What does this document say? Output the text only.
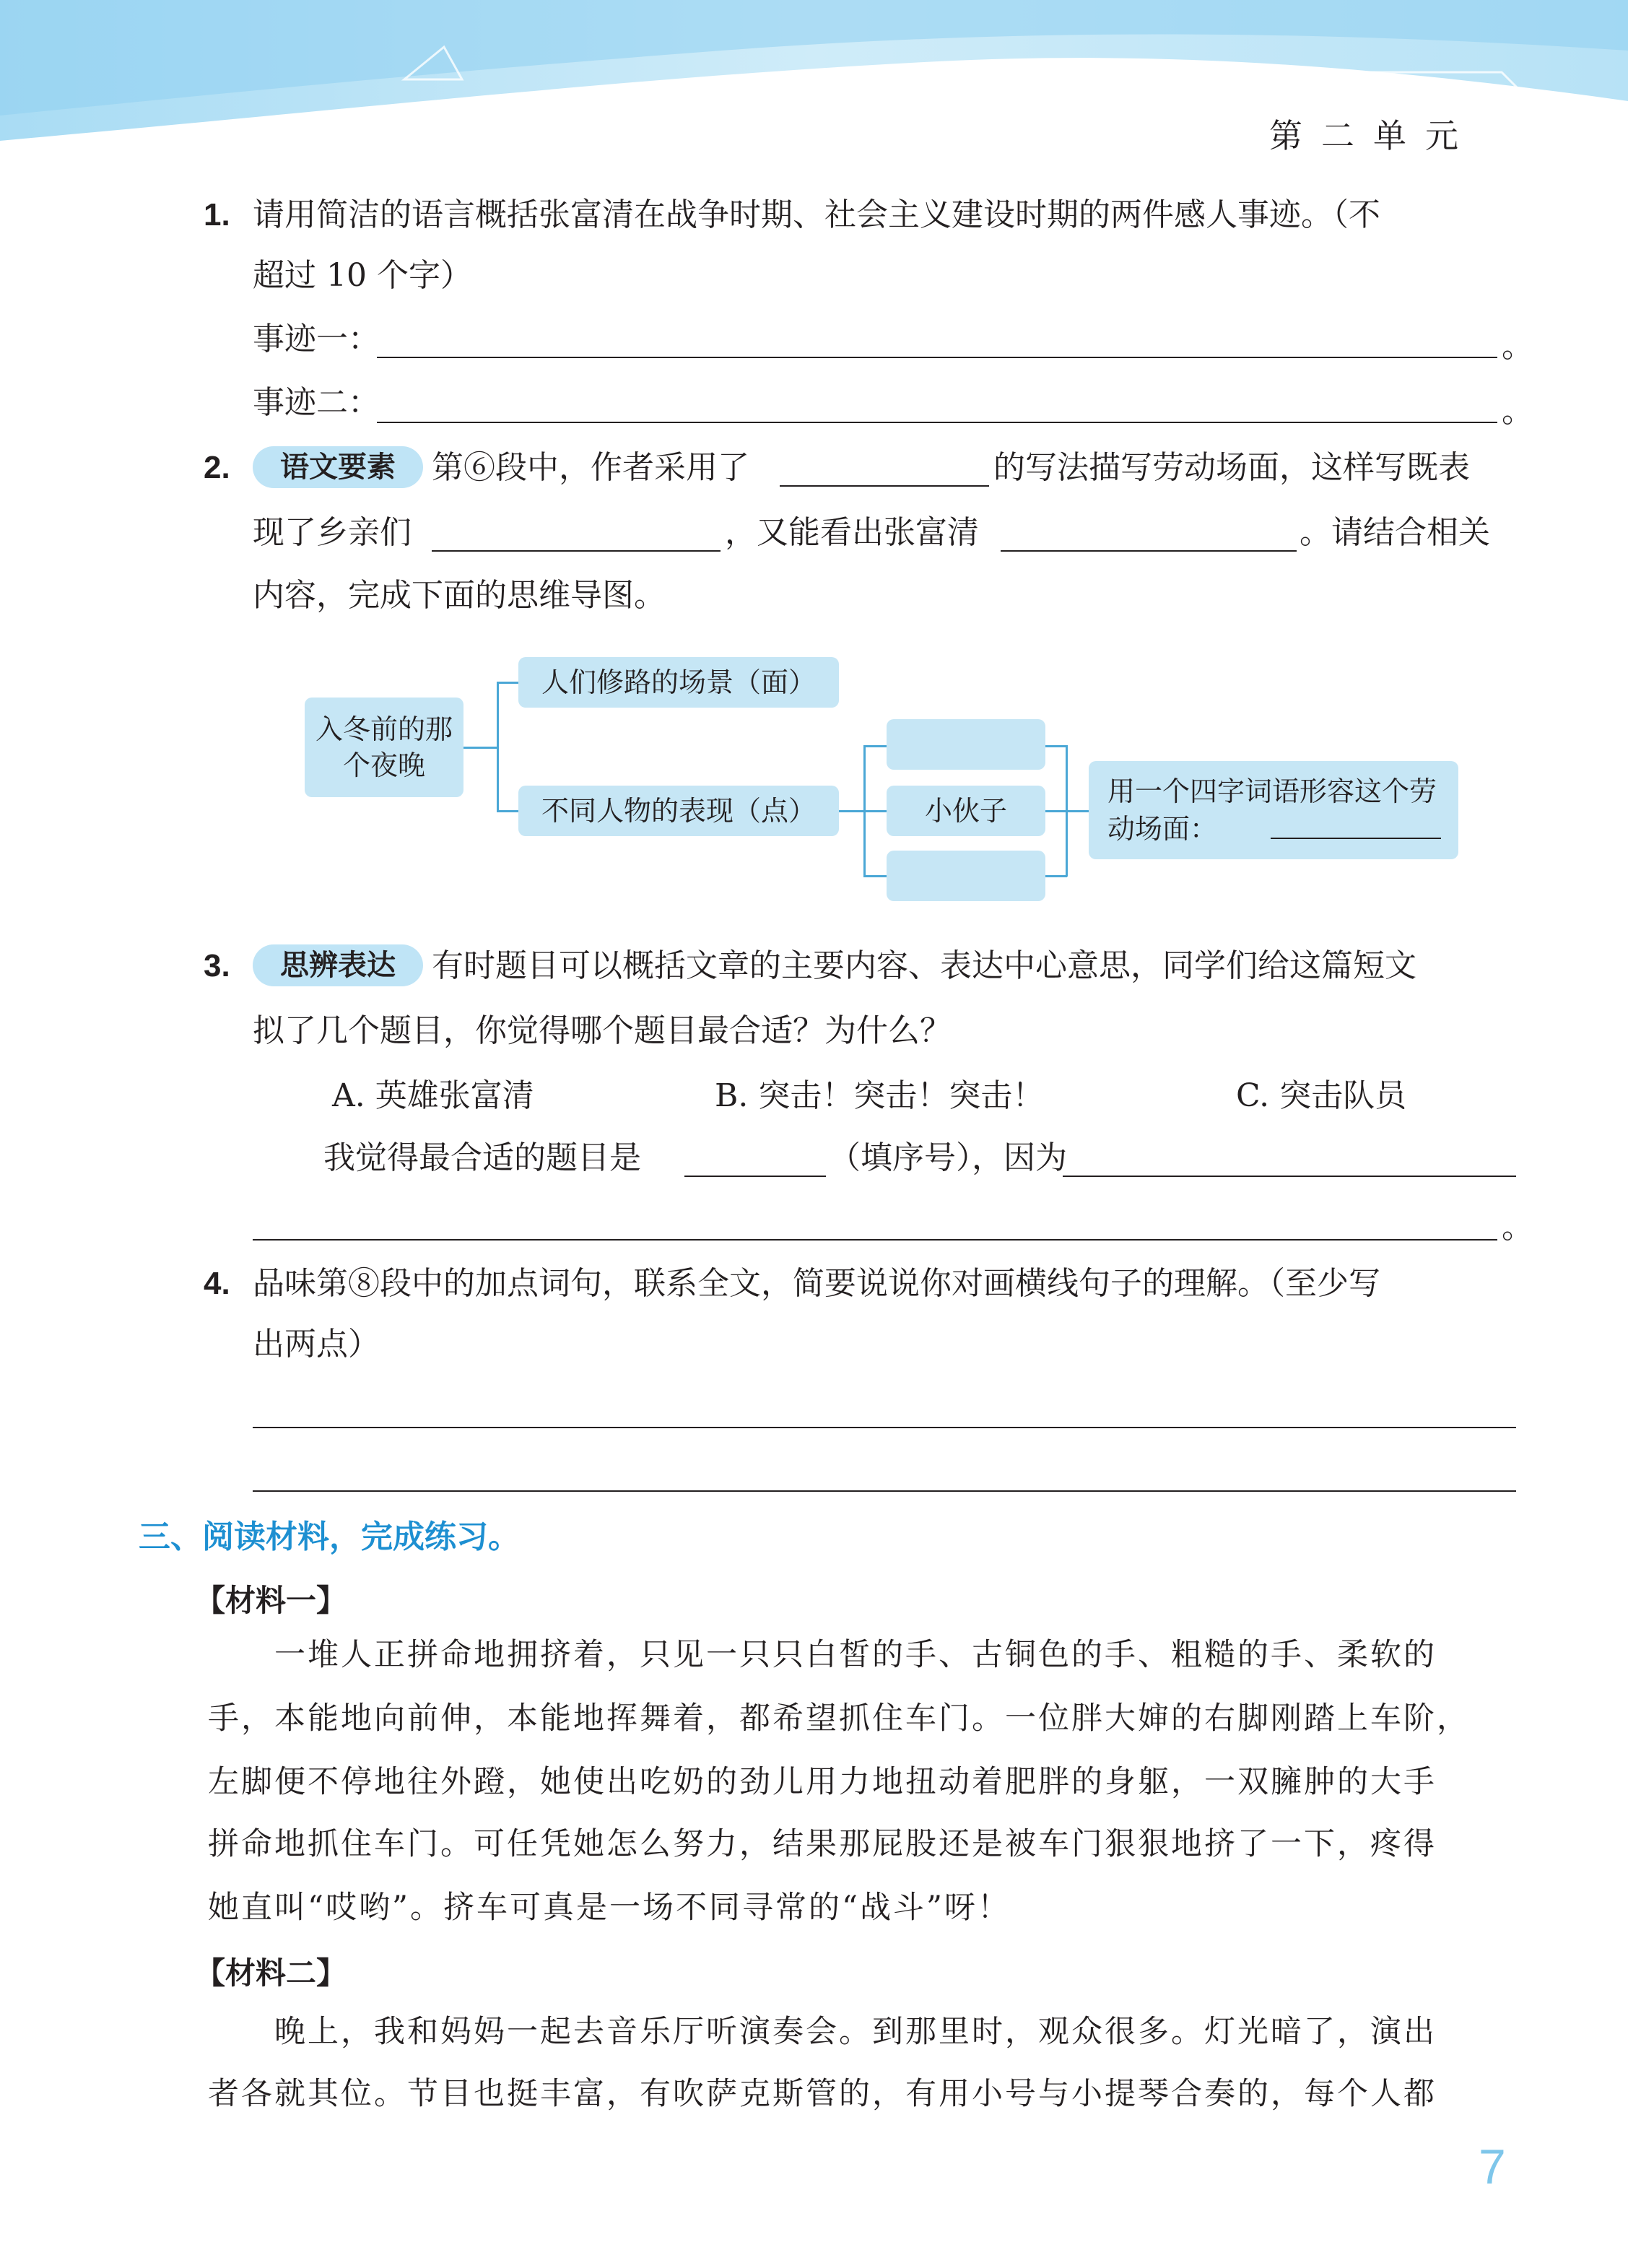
第二单元
1. 请用简洁的语言概括张富清在战争时期、社会主义建设时期的两件感人事迹。（不
超过 10 个字）
事迹一：	。
事迹二：	。
2.	语文要素	第⑥段中，作者采用了	的写法描写劳动场面，这样写既表
现了乡亲们	，又能看出张富清	。请结合相关
内容，完成下面的思维导图。
入冬前的那个夜晚
人们修路的场景（面）
不同人物的表现（点）	小伙子
用一个四字词语形容这个劳动场面：
3.	思辨表达	有时题目可以概括文章的主要内容、表达中心意思，同学们给这篇短文
拟了几个题目，你觉得哪个题目最合适？为什么？
A. 英雄张富清	B. 突击！突击！突击！	C. 突击队员
我觉得最合适的题目是	（填序号），因为
。
4. 品味第⑧段中的加点词句，联系全文，简要说说你对画横线句子的理解。（至少写
出两点）
三、阅读材料，完成练习。
【材料一】
一堆人正拼命地拥挤着，只见一只只白皙的手、古铜色的手、粗糙的手、柔软的
手，本能地向前伸，本能地挥舞着，都希望抓住车门。一位胖大婶的右脚刚踏上车阶，
左脚便不停地往外蹬，她使出吃奶的劲儿用力地扭动着肥胖的身躯，一双臃肿的大手
拼命地抓住车门。可任凭她怎么努力，结果那屁股还是被车门狠狠地挤了一下，疼得
她直叫“哎哟”。挤车可真是一场不同寻常的“战斗”呀！
【材料二】
晚上，我和妈妈一起去音乐厅听演奏会。到那里时，观众很多。灯光暗了，演出
者各就其位。节目也挺丰富，有吹萨克斯管的，有用小号与小提琴合奏的，每个人都
7
